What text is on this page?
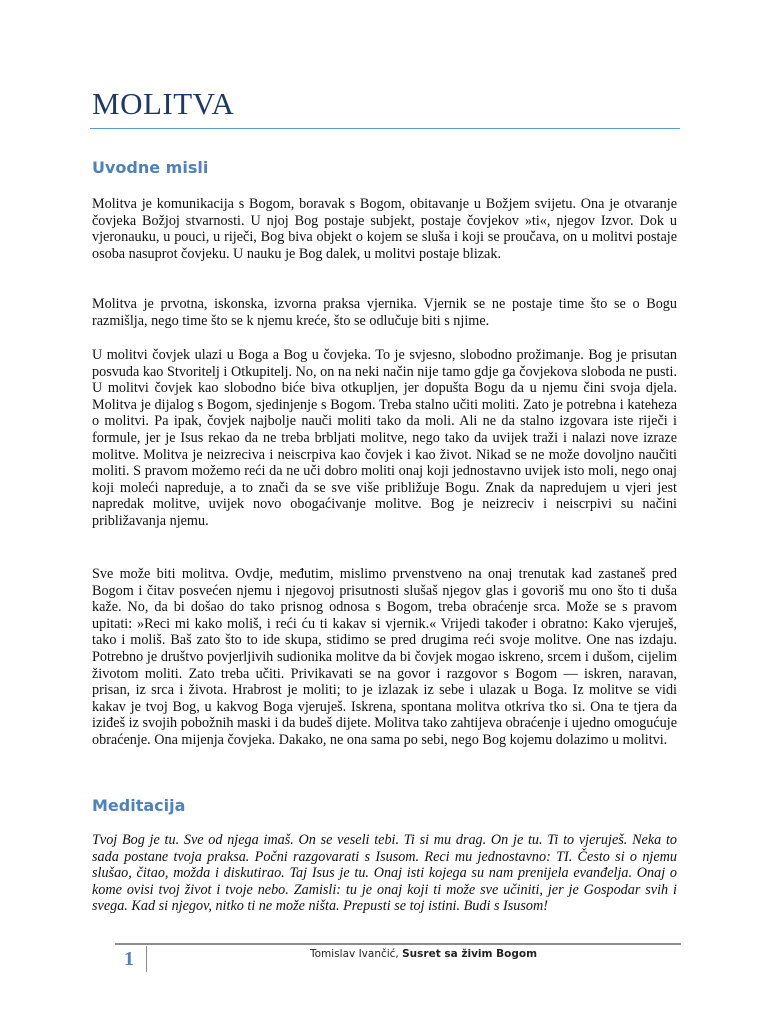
MOLITVA
Uvodne misli

Molitva je komunikacija s Bogom, boravak s Bogom, obitavanje u Božjem svijetu. Ona je otvaranje čovjeka Božjoj stvarnosti. U njoj Bog postaje subjekt, postaje čovjekov »ti«, njegov Izvor. Dok u vjeronauku, u pouci, u riječi, Bog biva objekt o kojem se sluša i koji se proučava, on u molitvi postaje osoba nasuprot čovjeku. U nauku je Bog dalek, u molitvi postaje blizak.

Molitva je prvotna, iskonska, izvorna praksa vjernika. Vjernik se ne postaje time što se o Bogu razmišlja, nego time što se k njemu kreće, što se odlučuje biti s njime.

U molitvi čovjek ulazi u Boga a Bog u čovjeka. To je svjesno, slobodno prožimanje. Bog je prisutan posvuda kao Stvoritelj i Otkupitelj. No, on na neki način nije tamo gdje ga čovjekova sloboda ne pusti. U molitvi čovjek kao slobodno biće biva otkupljen, jer dopušta Bogu da u njemu čini svoja djela. Molitva je dijalog s Bogom, sjedinjenje s Bogom. Treba stalno učiti moliti. Zato je potrebna i kateheza o molitvi. Pa ipak, čovjek najbolje nauči moliti tako da moli. Ali ne da stalno izgovara iste riječi i formule, jer je Isus rekao da ne treba brbljati molitve, nego tako da uvijek traži i nalazi nove izraze molitve. Molitva je neizreciva i neiscrpiva kao čovjek i kao život. Nikad se ne može dovoljno naučiti moliti. S pravom možemo reći da ne uči dobro moliti onaj koji jednostavno uvijek isto moli, nego onaj koji moleći napreduje, a to znači da se sve više približuje Bogu. Znak da napredujem u vjeri jest napredak molitve, uvijek novo obogaćivanje molitve. Bog je neizreciv i neiscrpivi su načini približavanja njemu.

Sve može biti molitva. Ovdje, međutim, mislimo prvenstveno na onaj trenutak kad zastaneš pred Bogom i čitav posvećen njemu i njegovoj prisutnosti slušaš njegov glas i govoriš mu ono što ti duša kaže. No, da bi došao do tako prisnog odnosa s Bogom, treba obraćenje srca. Može se s pravom upitati: »Reci mi kako moliš, i reći ću ti kakav si vjernik.« Vrijedi također i obratno: Kako vjeruješ, tako i moliš. Baš zato što to ide skupa, stidimo se pred drugima reći svoje molitve. One nas izdaju. Potrebno je društvo povjerljivih sudionika molitve da bi čovjek mogao iskreno, srcem i dušom, cijelim životom moliti. Zato treba učiti. Privikavati se na govor i razgovor s Bogom — iskren, naravan, prisan, iz srca i života. Hrabrost je moliti; to je izlazak iz sebe i ulazak u Boga. Iz molitve se vidi kakav je tvoj Bog, u kakvog Boga vjeruješ. Iskrena, spontana molitva otkriva tko si. Ona te tjera da iziđeš iz svojih pobožnih maski i da budeš dijete. Molitva tako zahtijeva obraćenje i ujedno omogućuje obraćenje. Ona mijenja čovjeka. Dakako, ne ona sama po sebi, nego Bog kojemu dolazimo u molitvi.

Meditacija

Tvoj Bog je tu. Sve od njega imaš. On se veseli tebi. Ti si mu drag. On je tu. Ti to vjeruješ. Neka to sada postane tvoja praksa. Počni razgovarati s Isusom. Reci mu jednostavno: TI. Često si o njemu slušao, čitao, možda i diskutirao. Taj Isus je tu. Onaj isti kojega su nam prenijela evanđelja. Onaj o kome ovisi tvoj život i tvoje nebo. Zamisli: tu je onaj koji ti može sve učiniti, jer je Gospodar svih i svega. Kad si njegov, nitko ti ne može ništa. Prepusti se toj istini. Budi s Isusom!

1	Tomislav Ivančić, Susret sa živim Bogom
